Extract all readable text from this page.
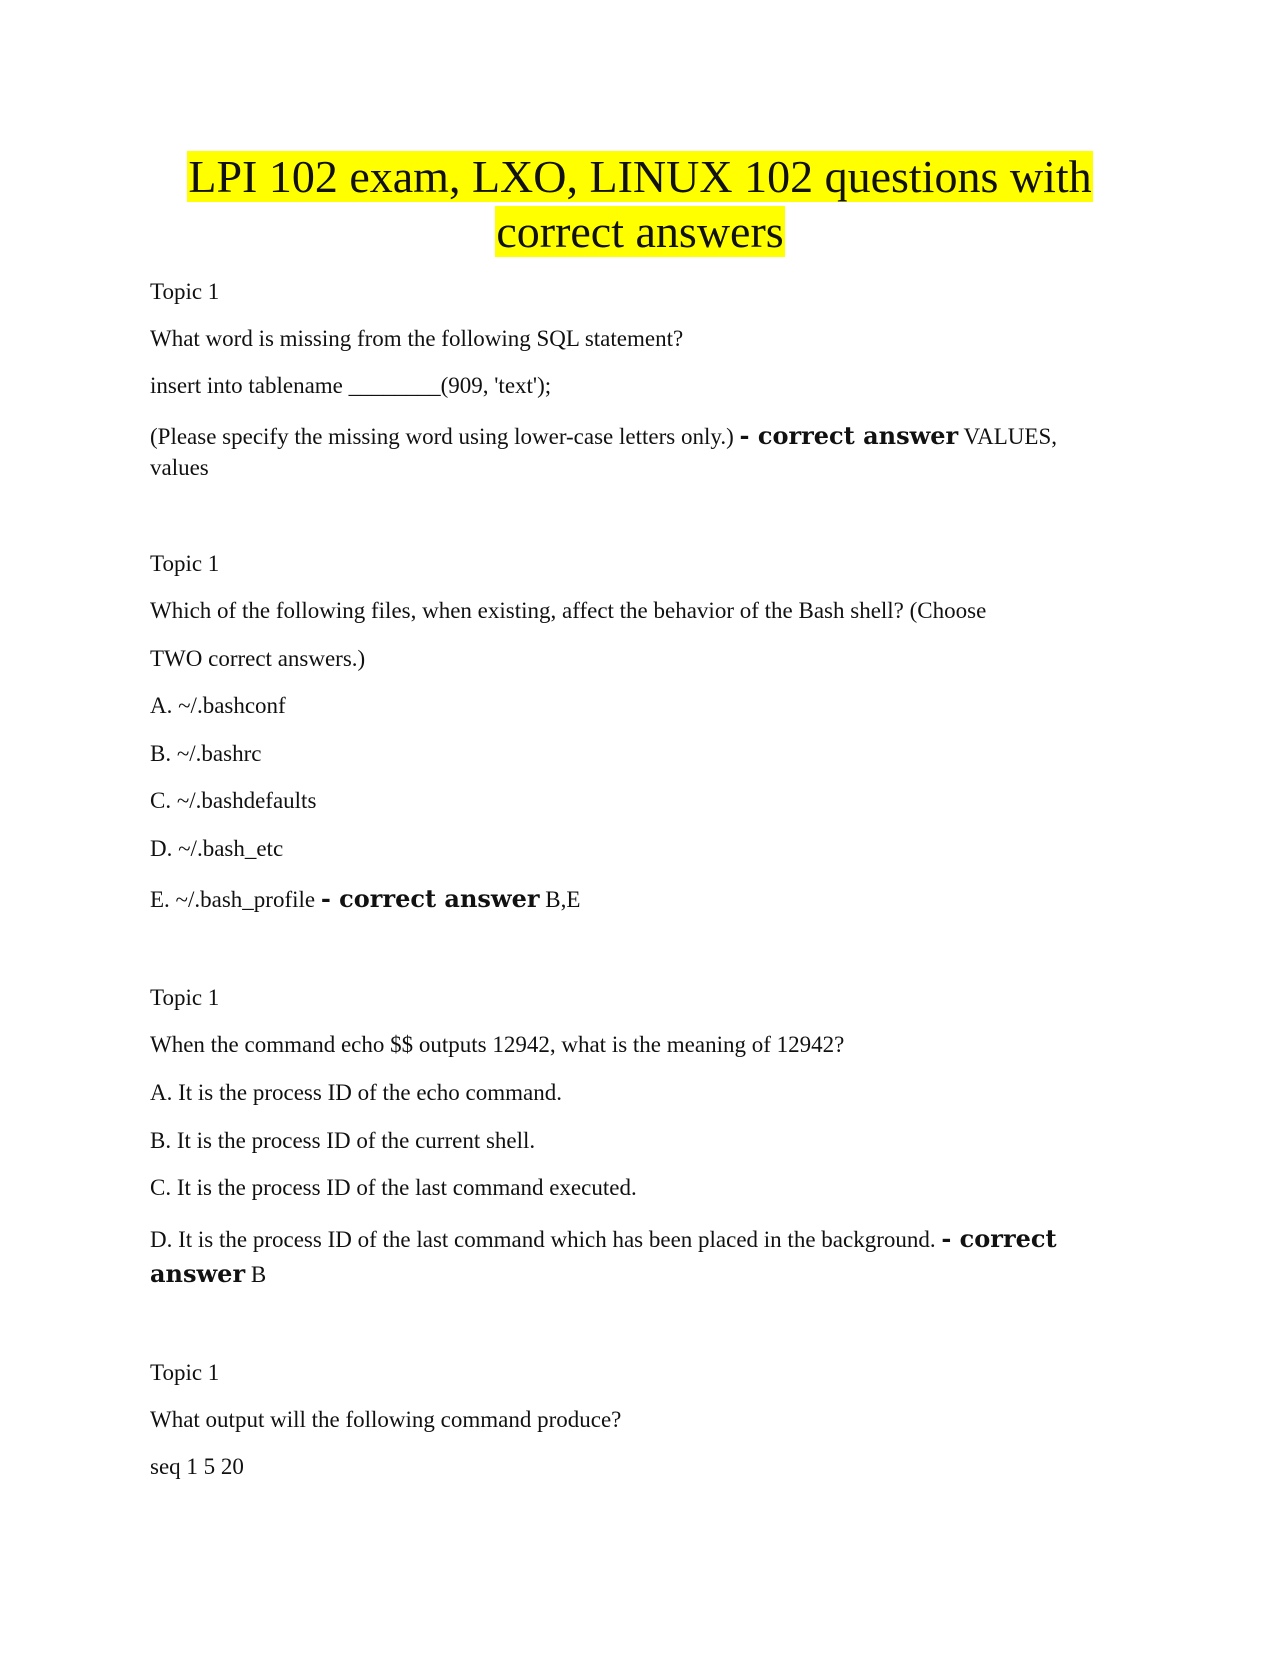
LPI 102 exam, LXO, LINUX 102 questions with
correct answers
Topic 1
What word is missing from the following SQL statement?
insert into tablename ________(909, 'text');
(Please specify the missing word using lower-case letters only.) - correct answer VALUES,
values
Topic 1
Which of the following files, when existing, affect the behavior of the Bash shell? (Choose
TWO correct answers.)
A. ~/.bashconf
B. ~/.bashrc
C. ~/.bashdefaults
D. ~/.bash_etc
E. ~/.bash_profile - correct answer B,E
Topic 1
When the command echo $$ outputs 12942, what is the meaning of 12942?
A. It is the process ID of the echo command.
B. It is the process ID of the current shell.
C. It is the process ID of the last command executed.
D. It is the process ID of the last command which has been placed in the background. - correct
answer B
Topic 1
What output will the following command produce?
seq 1 5 20
